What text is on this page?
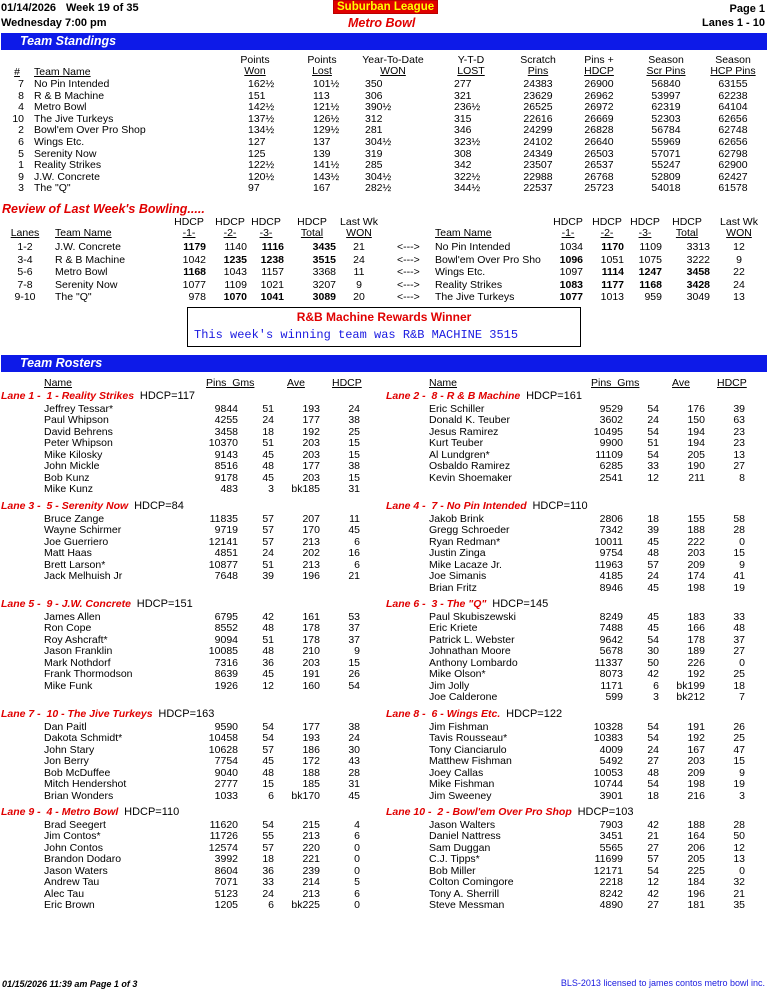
01/14/2026 Week 19 of 35	Suburban League	Page 1
Wednesday 7:00 pm	Metro Bowl	Lanes 1 - 10
Team Standings
#	Team Name
Points
Won
Points
Lost
Year-To-Date
WON
Y-T-D
LOST
Scratch
Pins
Pins +
HDCP
Season
Scr Pins
Season
HCP Pins
7 No Pin Intended	162½	101½	350	277	24383	26900	56840	63155
8 R & B Machine	151	113	306	321	23629	26962	53997	62238
4 Metro Bowl	142½	121½	390½	236½	26525	26972	62319	64104
10 The Jive Turkeys	137½	126½	312	315	22616	26669	52303	62656
2 Bowl'em Over Pro Shop	134½	129½	281	346	24299	26828	56784	62748
6 Wings Etc.	127	137	304½	323½	24102	26640	55969	62656
5 Serenity Now	125	139	319	308	24349	26503	57071	62798
1 Reality Strikes	122½	141½	285	342	23507	26537	55247	62900
9 J.W. Concrete	120½	143½	304½	322½	22988	26768	52809	62427
3 The "Q"	97	167	282½	344½	22537	25723	54018	61578
Review of Last Week's Bowling.....

Lanes
	Team Name
HDCP
-1-
HDCP
-2-
HDCP
-3-
HDCP
Total
Last Wk
WON
	Team Name
HDCP
-1-
HDCP
-2-
HDCP
-3-
HDCP
Total
Last Wk
WON
1-2	J.W. Concrete	1179	1140	1116	3435	21	<---> No Pin Intended	1034	1170	1109	3313	12
3-4	R & B Machine	1042	1235	1238	3515	24	<---> Bowl'em Over Pro Sho	1096	1051	1075	3222	9
5-6	Metro Bowl	1168	1043	1157	3368	11	<---> Wings Etc.	1097	1114	1247	3458	22
7-8	Serenity Now	1077	1109	1021	3207	9	<---> Reality Strikes	1083	1177	1168	3428	24
9-10	The "Q"	978	1070	1041	3089	20	<---> The Jive Turkeys	1077	1013	959	3049	13
R&B Machine Rewards Winner
This week's winning team was R&B MACHINE 3515
Team Rosters
Name	Pins  Gms	Ave	HDCP	Name	Pins  Gms	Ave	HDCP
Lane 1 - 1 - Reality Strikes HDCP=117
Jeffrey Tessar*	9844	51	193	24
Paul Whipson	4255	24	177	38
David Behrens	3458	18	192	25
Peter Whipson	10370	51	203	15
Mike Kilosky	9143	45	203	15
John Mickle	8516	48	177	38
Bob Kunz	9178	45	203	15
Mike Kunz	483	3	bk185	31
Lane 2 - 8 - R & B Machine HDCP=161
Eric Schiller	9529	54	176	39
Donald K. Teuber	3602	24	150	63
Jesus Ramirez	10495	54	194	23
Kurt Teuber	9900	51	194	23
Al Lundgren*	11109	54	205	13
Osbaldo Ramirez	6285	33	190	27
Kevin Shoemaker	2541	12	211	8
Lane 3 - 5 - Serenity Now HDCP=84
Bruce Zange	11835	57	207	11
Wayne Schirmer	9719	57	170	45
Joe Guerriero	12141	57	213	6
Matt Haas	4851	24	202	16
Brett Larson*	10877	51	213	6
Jack Melhuish Jr	7648	39	196	21
Lane 4 - 7 - No Pin Intended HDCP=110
Jakob Brink	2806	18	155	58
Gregg Schroeder	7342	39	188	28
Ryan Redman*	10011	45	222	0
Justin Zinga	9754	48	203	15
Mike Lacaze Jr.	11963	57	209	9
Joe Simanis	4185	24	174	41
Brian Fritz	8946	45	198	19
Lane 5 - 9 - J.W. Concrete HDCP=151
James Allen	6795	42	161	53
Ron Cope	8552	48	178	37
Roy Ashcraft*	9094	51	178	37
Jason Franklin	10085	48	210	9
Mark Nothdorf	7316	36	203	15
Frank Thormodson	8639	45	191	26
Mike Funk	1926	12	160	54
Lane 6 - 3 - The "Q" HDCP=145
Paul Skubiszewski	8249	45	183	33
Eric Kriete	7488	45	166	48
Patrick L. Webster	9642	54	178	37
Johnathan Moore	5678	30	189	27
Anthony Lombardo	11337	50	226	0
Mike Olson*	8073	42	192	25
Jim Jolly	1171	6	bk199	18
Joe Calderone	599	3	bk212	7
Lane 7 - 10 - The Jive Turkeys HDCP=163
Dan Paitl	9590	54	177	38
Dakota Schmidt*	10458	54	193	24
John Stary	10628	57	186	30
Jon Berry	7754	45	172	43
Bob McDuffee	9040	48	188	28
Mitch Hendershot	2777	15	185	31
Brian Wonders	1033	6	bk170	45
Lane 8 - 6 - Wings Etc. HDCP=122
Jim Fishman	10328	54	191	26
Tavis Rousseau*	10383	54	192	25
Tony Cianciarulo	4009	24	167	47
Matthew Fishman	5492	27	203	15
Joey Callas	10053	48	209	9
Mike Fishman	10744	54	198	19
Jim Sweeney	3901	18	216	3
Lane 9 - 4 - Metro Bowl HDCP=110
Brad Seegert	11620	54	215	4
Jim Contos*	11726	55	213	6
John Contos	12574	57	220	0
Brandon Dodaro	3992	18	221	0
Jason Waters	8604	36	239	0
Andrew Tau	7071	33	214	5
Alec Tau	5123	24	213	6
Eric Brown	1205	6	bk225	0
Lane 10 - 2 - Bowl'em Over Pro Shop HDCP=103
Jason Walters	7903	42	188	28
Daniel Nattress	3451	21	164	50
Sam Duggan	5565	27	206	12
C.J. Tipps*	11699	57	205	13
Bob Miller	12171	54	225	0
Colton Comingore	2218	12	184	32
Tony A. Sherrill	8242	42	196	21
Steve Messman	4890	27	181	35
01/15/2026 11:39 am Page 1 of 3	BLS-2013 licensed to james contos metro bowl inc.
